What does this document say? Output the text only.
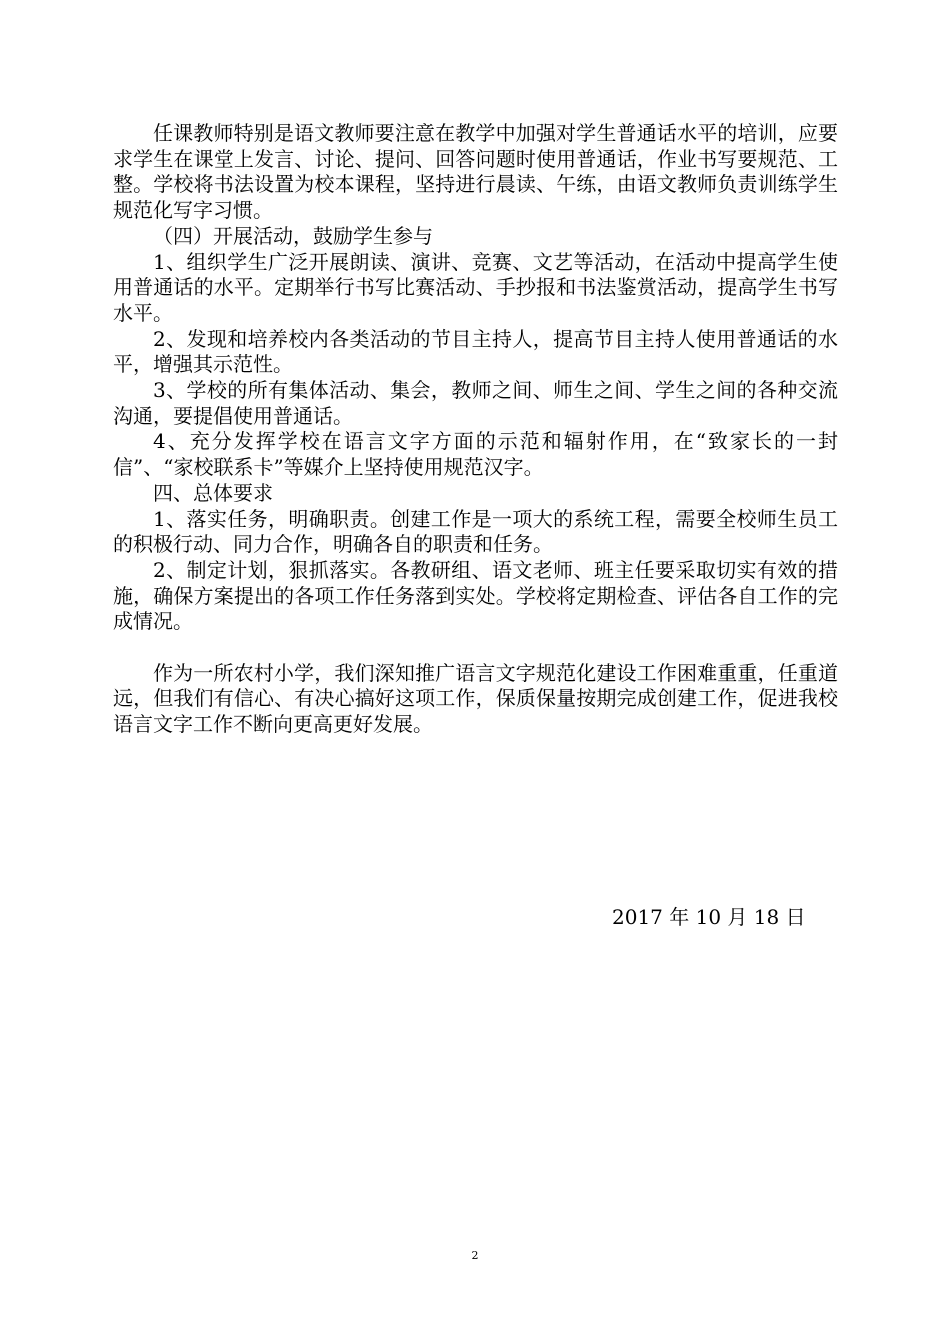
任课教师特别是语文教师要注意在教学中加强对学生普通话水平的培训，应要求学生在课堂上发言、讨论、提问、回答问题时使用普通话，作业书写要规范、工整。学校将书法设置为校本课程，坚持进行晨读、午练，由语文教师负责训练学生规范化写字习惯。

（四）开展活动，鼓励学生参与

1、组织学生广泛开展朗读、演讲、竞赛、文艺等活动，在活动中提高学生使用普通话的水平。定期举行书写比赛活动、手抄报和书法鉴赏活动，提高学生书写水平。

2、发现和培养校内各类活动的节目主持人，提高节目主持人使用普通话的水平，增强其示范性。

3、学校的所有集体活动、集会，教师之间、师生之间、学生之间的各种交流沟通，要提倡使用普通话。

4、充分发挥学校在语言文字方面的示范和辐射作用，在“致家长的一封信”、“家校联系卡”等媒介上坚持使用规范汉字。

四、总体要求

1、落实任务，明确职责。创建工作是一项大的系统工程，需要全校师生员工的积极行动、同力合作，明确各自的职责和任务。

2、制定计划，狠抓落实。各教研组、语文老师、班主任要采取切实有效的措施，确保方案提出的各项工作任务落到实处。学校将定期检查、评估各自工作的完成情况。

作为一所农村小学，我们深知推广语言文字规范化建设工作困难重重，任重道远，但我们有信心、有决心搞好这项工作，保质保量按期完成创建工作，促进我校语言文字工作不断向更高更好发展。

2017 年 10 月 18 日
2
